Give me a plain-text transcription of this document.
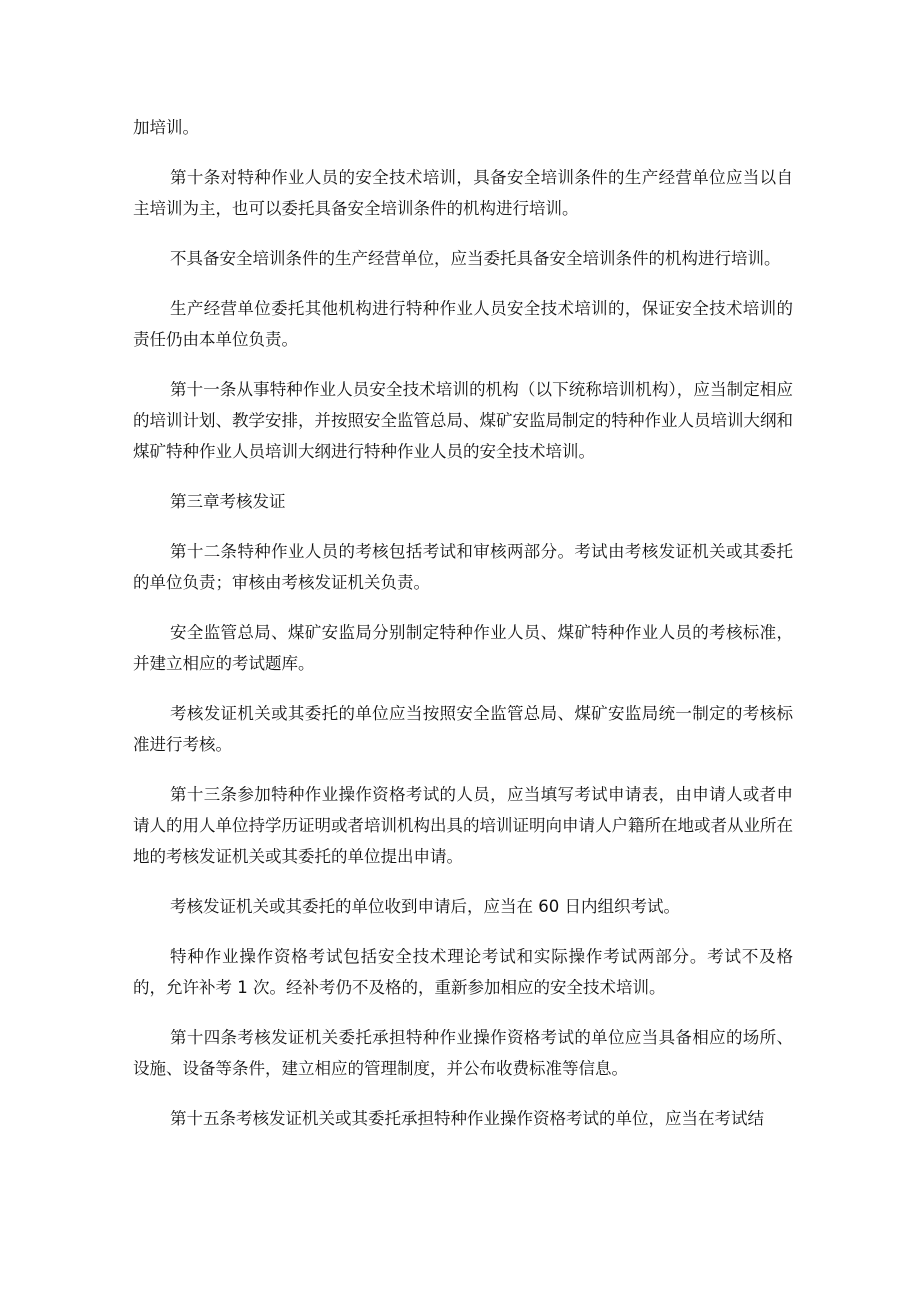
加培训。

第十条对特种作业人员的安全技术培训，具备安全培训条件的生产经营单位应当以自主培训为主，也可以委托具备安全培训条件的机构进行培训。

不具备安全培训条件的生产经营单位，应当委托具备安全培训条件的机构进行培训。

生产经营单位委托其他机构进行特种作业人员安全技术培训的，保证安全技术培训的责任仍由本单位负责。

第十一条从事特种作业人员安全技术培训的机构（以下统称培训机构），应当制定相应的培训计划、教学安排，并按照安全监管总局、煤矿安监局制定的特种作业人员培训大纲和煤矿特种作业人员培训大纲进行特种作业人员的安全技术培训。

第三章考核发证

第十二条特种作业人员的考核包括考试和审核两部分。考试由考核发证机关或其委托的单位负责；审核由考核发证机关负责。

安全监管总局、煤矿安监局分别制定特种作业人员、煤矿特种作业人员的考核标准，并建立相应的考试题库。

考核发证机关或其委托的单位应当按照安全监管总局、煤矿安监局统一制定的考核标准进行考核。

第十三条参加特种作业操作资格考试的人员，应当填写考试申请表，由申请人或者申请人的用人单位持学历证明或者培训机构出具的培训证明向申请人户籍所在地或者从业所在地的考核发证机关或其委托的单位提出申请。

考核发证机关或其委托的单位收到申请后，应当在 60 日内组织考试。

特种作业操作资格考试包括安全技术理论考试和实际操作考试两部分。考试不及格的，允许补考 1 次。经补考仍不及格的，重新参加相应的安全技术培训。

第十四条考核发证机关委托承担特种作业操作资格考试的单位应当具备相应的场所、设施、设备等条件，建立相应的管理制度，并公布收费标准等信息。

第十五条考核发证机关或其委托承担特种作业操作资格考试的单位，应当在考试结
